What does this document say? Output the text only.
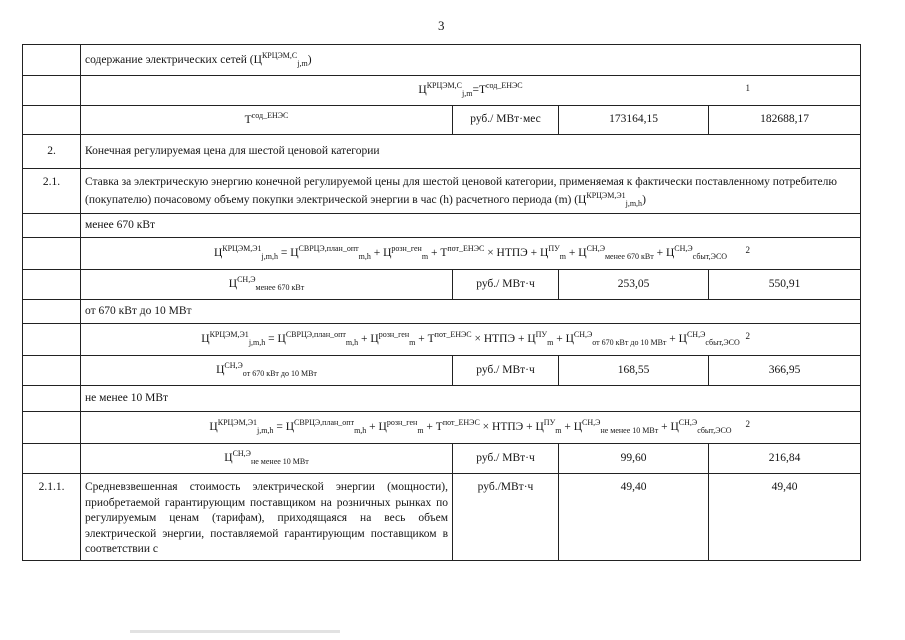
3
	содержание электрических сетей $(Ц^{КРЦЭМ,С}_{j,m})$			
	$Ц^{КРЦЭМ,С}_{j,m}=Т^{сод\_ЕНЭС}$ 1			

	$Т^{сод\_ЕНЭС}$	руб./ МВт·мес	173164,15	182688,17
2.	Конечная регулируемая цена для шестой ценовой категории			
2.1.	Ставка за электрическую энергию конечной регулируемой цены для шестой ценовой категории, применяемая к фактически поставленному потребителю (покупателю) почасовому объему покупки электрической энергии в час (h) расчетного периода (m) $(Ц^{КРЦЭМ,Э1}_{j,m,h})$			
	менее 670 кВт			
	$Ц^{КРЦЭМ,Э1}_{j,m,h} = Ц^{СВРЦЭ,план\_опт}_{m,h} + Ц^{розн\_ген}_m + Т^{пот\_ЕНЭС}$ × НТПЭ + $Ц^{ПУ}_m + Ц^{СН,Э}_{менее 670 кВт} + Ц^{СН,Э}_{сбыт,ЭСО}$
2			

	$Ц^{СН,Э}_{менее 670 кВт}$	руб./ МВт·ч	253,05	550,91
	от 670 кВт до 10 МВт			
	$Ц^{КРЦЭМ,Э1}_{j,m,h} = Ц^{СВРЦЭ,план\_опт}_{m,h} + Ц^{розн\_ген}_m + Т^{пот\_ЕНЭС}$ × НТПЭ + $Ц^{ПУ}_m + Ц^{СН,Э}_{от 670 кВт до 10 МВт} + Ц^{СН,Э}_{сбыт,ЭСО}$
2			

	$Ц^{СН,Э}_{от 670 кВт до 10 МВт}$	руб./ МВт·ч	168,55	366,95
	не менее 10 МВт			
	$Ц^{КРЦЭМ,Э1}_{j,m,h} = Ц^{СВРЦЭ,план\_опт}_{m,h} + Ц^{розн\_ген}_m + Т^{пот\_ЕНЭС}$ × НТПЭ + $Ц^{ПУ}_m + Ц^{СН,Э}_{не менее 10 МВт} + Ц^{СН,Э}_{сбыт,ЭСО}$
2			

	$Ц^{СН,Э}_{не менее 10 МВт}$	руб./ МВт·ч	99,60	216,84
2.1.1.	Средневзвешенная стоимость электрической энергии (мощности), приобретаемой гарантирующим поставщиком на розничных рынках по регулируемым ценам (тарифам), приходящаяся на весь объем электрической энергии, поставляемой гарантирующим поставщиком в соответствии с	руб./МВт·ч	49,40	49,40
